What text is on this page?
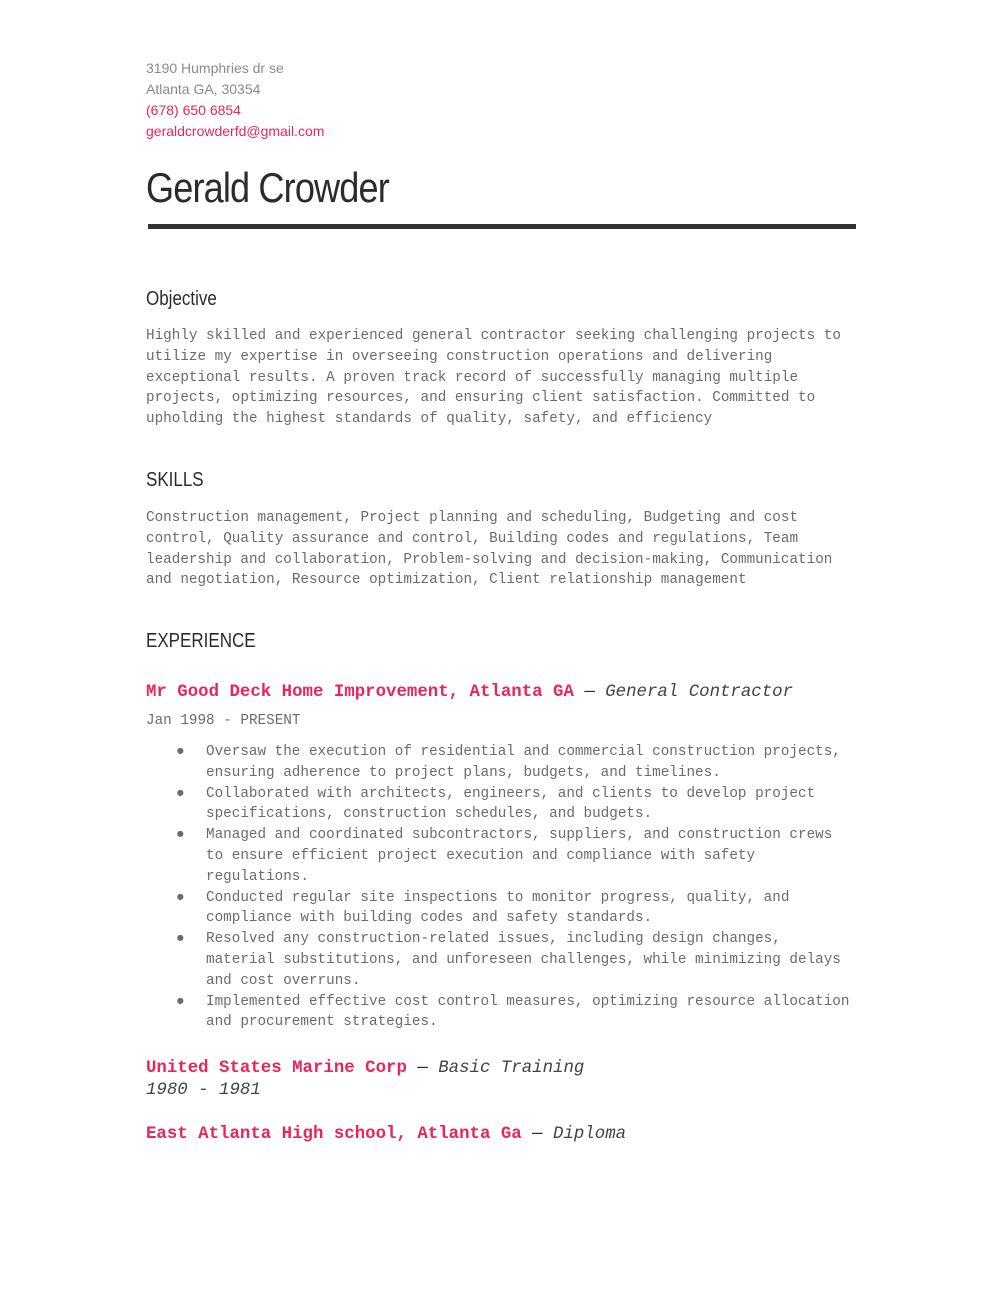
3190 Humphries dr se
Atlanta GA, 30354
(678) 650 6854
geraldcrowderfd@gmail.com
Gerald Crowder
Objective

Highly skilled and experienced general contractor seeking challenging projects to utilize my expertise in overseeing construction operations and delivering exceptional results. A proven track record of successfully managing multiple projects, optimizing resources, and ensuring client satisfaction. Committed to upholding the highest standards of quality, safety, and efficiency

SKILLS

Construction management, Project planning and scheduling, Budgeting and cost control, Quality assurance and control, Building codes and regulations, Team leadership and collaboration, Problem-solving and decision-making, Communication and negotiation, Resource optimization, Client relationship management

EXPERIENCE

Mr Good Deck Home Improvement, Atlanta GA — General Contractor

Jan 1998 - PRESENT

● Oversaw the execution of residential and commercial construction projects, ensuring adherence to project plans, budgets, and timelines.
● Collaborated with architects, engineers, and clients to develop project specifications, construction schedules, and budgets.
● Managed and coordinated subcontractors, suppliers, and construction crews to ensure efficient project execution and compliance with safety regulations.
● Conducted regular site inspections to monitor progress, quality, and compliance with building codes and safety standards.
● Resolved any construction-related issues, including design changes, material substitutions, and unforeseen challenges, while minimizing delays and cost overruns.
● Implemented effective cost control measures, optimizing resource allocation and procurement strategies.

United States Marine Corp — Basic Training

1980 - 1981

East Atlanta High school, Atlanta Ga — Diploma
